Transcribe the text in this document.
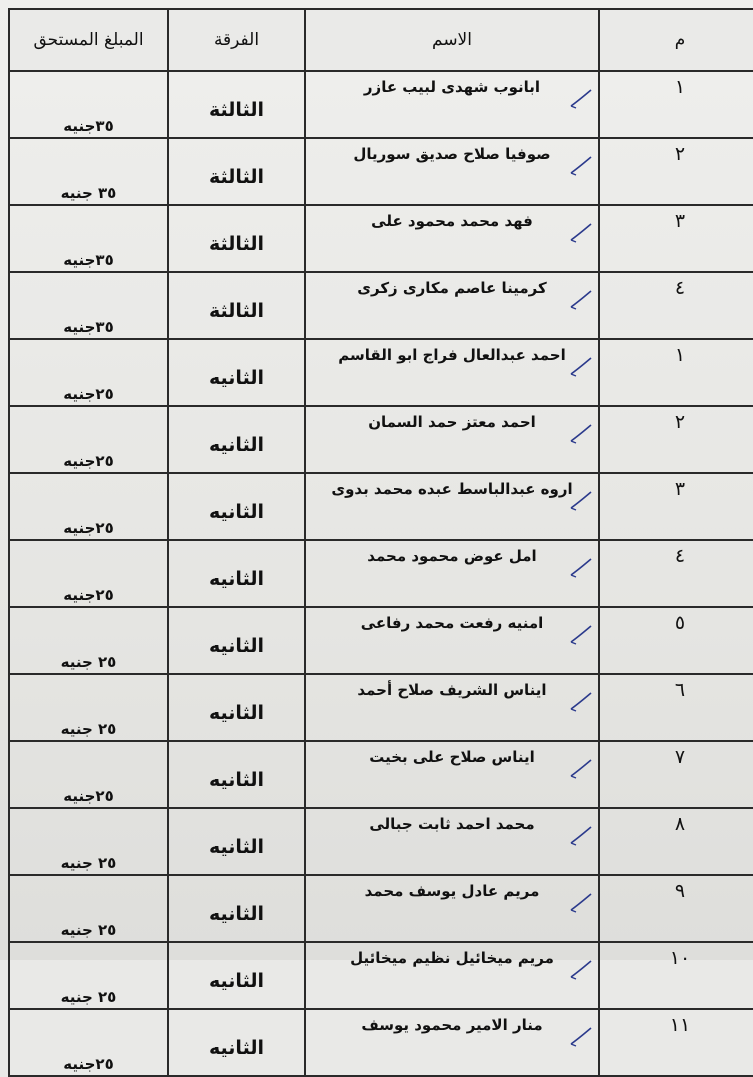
م	الاسم	الفرقة	المبلغ المستحق
١	ابانوب شهدى لبيب عازر	الثالثة	٣٥جنيه
٢	صوفيا صلاح صديق سوريال	الثالثة	٣٥ جنيه
٣	فهد محمد محمود على	الثالثة	٣٥جنيه
٤	كرمينا عاصم مكارى زكرى	الثالثة	٣٥جنيه
١	احمد عبدالعال فراج ابو القاسم	الثانيه	٢٥جنيه
٢	احمد معتز حمد السمان	الثانيه	٢٥جنيه
٣	اروه عبدالباسط عبده محمد بدوى	الثانيه	٢٥جنيه
٤	امل عوض محمود محمد	الثانيه	٢٥جنيه
٥	امنيه رفعت محمد رفاعى	الثانيه	٢٥ جنيه
٦	ايناس الشريف صلاح أحمد	الثانيه	٢٥ جنيه
٧	ايناس صلاح على بخيت	الثانيه	٢٥جنيه
٨	محمد احمد ثابت جبالى	الثانيه	٢٥ جنيه
٩	مريم عادل يوسف محمد	الثانيه	٢٥ جنيه
١٠	مريم ميخائيل نظيم ميخائيل	الثانيه	٢٥ جنيه
١١	منار الامير محمود يوسف	الثانيه	٢٥جنيه
